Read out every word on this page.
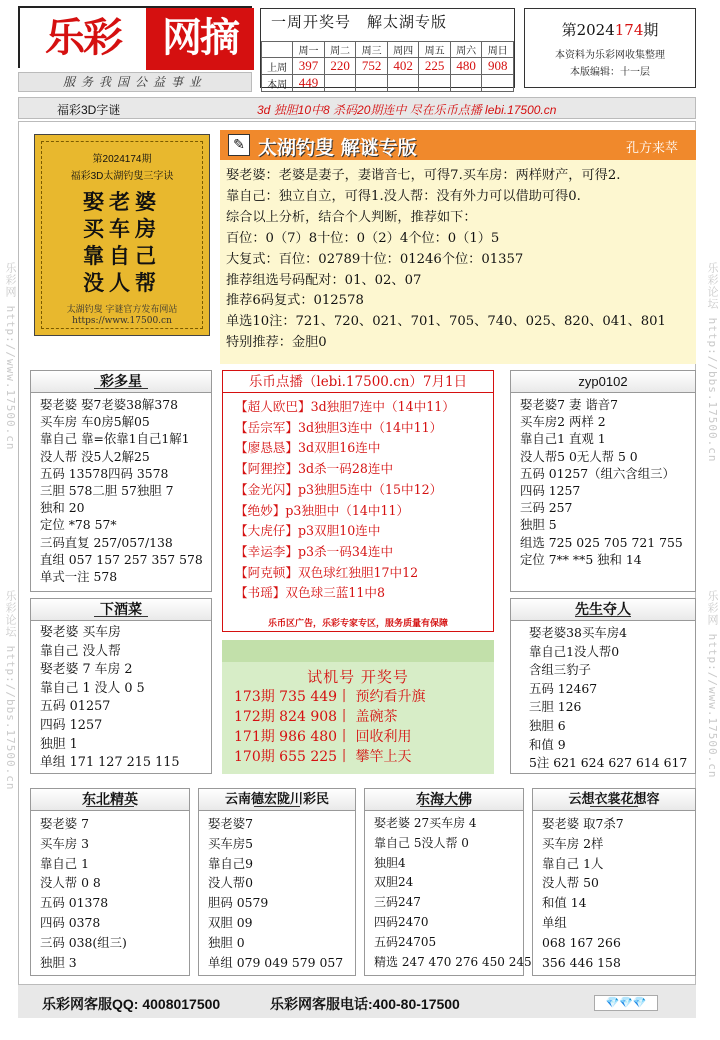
乐彩网 http://www.17500.cn
乐彩论坛 http://bbs.17500.cn
乐彩论坛 http://bbs.17500.cn
乐彩网 http://www.17500.cn
乐彩	网摘
服务我国公益事业
一周开奖号　解太湖专版
	周一	周二	周三	周四	周五	周六	周日
上周	397	220	752	402	225	480	908
本周	449						
第2024174期
本资料为乐彩网收集整理
本版编辑：十一层
福彩3D字谜	3d 独胆10中8 杀码20期连中 尽在乐币点播 lebi.17500.cn
第2024174期
福彩3D太湖钓叟三字诀
娶老婆
买车房
靠自己
没人帮
太湖钓叟 字谜官方发布网站
https://www.17500.cn
✎ 太湖钓叟 解谜专版	孔方来萃
娶老婆：老婆是妻子，妻谐音七，可得7.买车房：两样财产，可得2.
靠自己：独立自立，可得1.没人帮：没有外力可以借助可得0.
综合以上分析，结合个人判断，推荐如下：
百位：0（7）8十位：0（2）4个位：0（1）5
大复式：百位：02789十位：01246个位：01357
推荐组选号码配对：01、02、07
推荐6码复式：012578
单选10注：721、720、021、701、705、740、025、820、041、801
特别推荐：金胆0
彩多星
娶老婆 娶7老婆38解378
买车房 车0房5解05
靠自己 靠=依靠1自己1解1
没人帮 没5人2解25
五码 13578四码 3578
三胆 578二胆 57独胆 7
独和 20
定位 *78 57*
三码直复 257/057/138
直组 057 157 257 357 578
单式一注 578
乐币点播（lebi.17500.cn）7月1日
【超人欧巴】3d独胆7连中（14中11）
【岳宗军】3d独胆3连中（14中11）
【廖恳恳】3d双胆16连中
【阿狸控】3d杀一码28连中
【金光闪】p3独胆5连中（15中12）
【绝妙】p3独胆中（14中11）
【大虎仔】p3双胆10连中
【幸运李】p3杀一码34连中
【阿克顿】双色球红独胆17中12
【书瑶】双色球三蓝11中8
乐币区广告，乐彩专家专区，服务质量有保障
zyp0102
娶老婆7 妻 谐音7
买车房2 两样 2
靠自己1 直观 1
没人帮5 0无人帮 5 0
五码 01257（组六含组三）
四码 1257
三码 257
独胆 5
组选 725 025 705 721 755
定位 7** **5 独和 14
下酒菜
娶老婆 买车房
靠自己 没人帮
娶老婆 7 车房 2
靠自己 1 没人 0 5
五码 01257
四码 1257
独胆 1
单组 171 127 215 115
试机号 开奖号
173期 735 449丨 预约看升旗
172期 824 908丨 盖碗茶
171期 986 480丨 回收利用
170期 655 225丨 攀竿上天
先生夺人
娶老婆38买车房4
靠自己1没人帮0
含组三豹子
五码 12467
三胆 126
独胆 6
和值 9
5注 621 624 627 614 617
东北精英
娶老婆 7
买车房 3
靠自己 1
没人帮 0 8
五码 01378
四码 0378
三码 038(组三)
独胆 3
云南德宏陇川彩民
娶老婆7
买车房5
靠自己9
没人帮0
胆码 0579
双胆 09
独胆 0
单组 079 049 579 057
东海大佛
娶老婆 27买车房 4
靠自己 5没人帮 0
独胆4
双胆24
三码247
四码2470
五码24705
精选 247 470 276 450 245
云想衣裳花想容
娶老婆 取7杀7
买车房 2样
靠自己 1人
没人帮 50
和值 14
单组
068 167 266
356 446 158
乐彩网客服QQ: 4008017500	乐彩网客服电话:400-80-17500	💎💎💎
